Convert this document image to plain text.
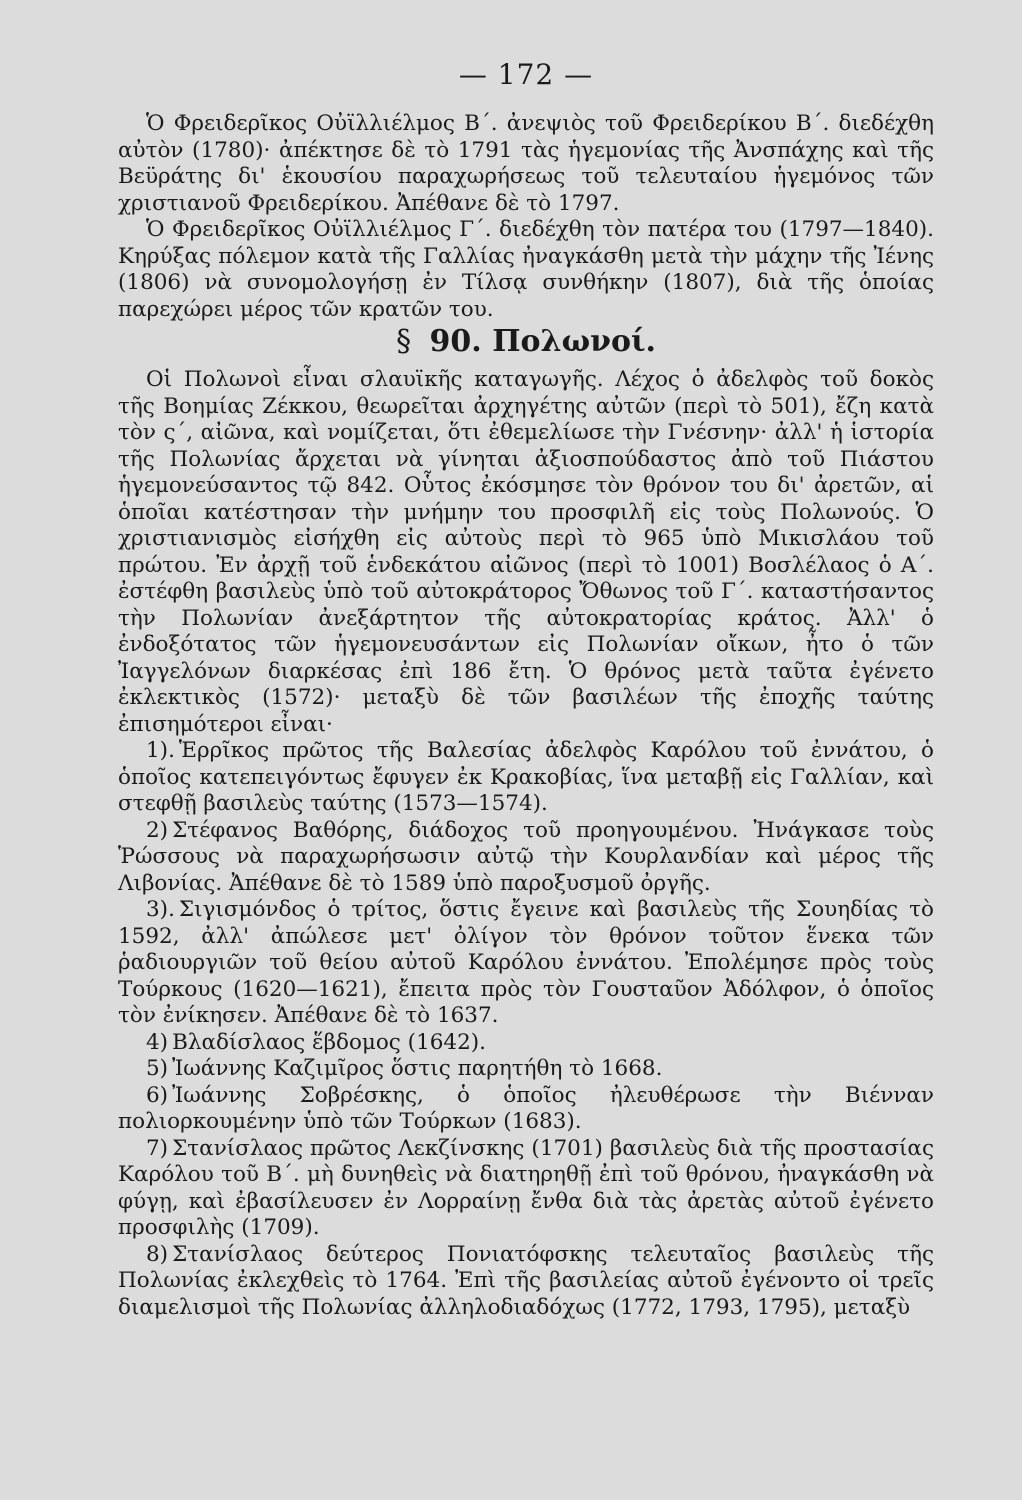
— 172 —

Ὁ Φρειδερῖκος Οὐϊλλιέλμος Β΄. ἀνεψιὸς τοῦ Φρειδερίκου Β΄. διεδέχθη αὐτὸν (1780)· ἀπέκτησε δὲ τὸ 1791 τὰς ἡγεμονίας τῆς Ἀνσπάχης καὶ τῆς Βεϋράτης δι' ἑκουσίου παραχωρήσεως τοῦ τελευταίου ἡγεμόνος τῶν χριστιανοῦ Φρειδερίκου. Ἀπέθανε δὲ τὸ 1797.

Ὁ Φρειδερῖκος Οὐϊλλιέλμος Γ΄. διεδέχθη τὸν πατέρα του (1797—1840). Κηρύξας πόλεμον κατὰ τῆς Γαλλίας ἠναγκάσθη μετὰ τὴν μάχην τῆς Ἰένης (1806) νὰ συνομολογήσῃ ἐν Τίλσᾳ συνθήκην (1807), διὰ τῆς ὁποίας παρεχώρει μέρος τῶν κρατῶν του.

§ 90. Πολωνοί.

Οἱ Πολωνοὶ εἶναι σλαυϊκῆς καταγωγῆς. Λέχος ὁ ἀδελφὸς τοῦ δοκὸς τῆς Βοημίας Ζέκκου, θεωρεῖται ἀρχηγέτης αὐτῶν (περὶ τὸ 501), ἔζη κατὰ τὸν ς΄, αἰῶνα, καὶ νομίζεται, ὅτι ἐθεμελίωσε τὴν Γνέσνην· ἀλλ' ἡ ἱστορία τῆς Πολωνίας ἄρχεται νὰ γίνηται ἀξιοσπούδαστος ἀπὸ τοῦ Πιάστου ἡγεμονεύσαντος τῷ 842. Οὗτος ἐκόσμησε τὸν θρόνον του δι' ἀρετῶν, αἱ ὁποῖαι κατέστησαν τὴν μνήμην του προσφιλῆ εἰς τοὺς Πολωνούς. Ὁ χριστιανισμὸς εἰσήχθη εἰς αὐτοὺς περὶ τὸ 965 ὑπὸ Μικισλάου τοῦ πρώτου. Ἐν ἀρχῇ τοῦ ἑνδεκάτου αἰῶνος (περὶ τὸ 1001) Βοσλέλαος ὁ Α΄. ἐστέφθη βασιλεὺς ὑπὸ τοῦ αὐτοκράτορος Ὄθωνος τοῦ Γ΄. καταστήσαντος τὴν Πολωνίαν ἀνεξάρτητον τῆς αὐτοκρατορίας κράτος. Ἀλλ' ὁ ἐνδοξότατος τῶν ἡγεμονευσάντων εἰς Πολωνίαν οἴκων, ἦτο ὁ τῶν Ἰαγγελόνων διαρκέσας ἐπὶ 186 ἔτη. Ὁ θρόνος μετὰ ταῦτα ἐγένετο ἐκλεκτικὸς (1572)· μεταξὺ δὲ τῶν βασιλέων τῆς ἐποχῆς ταύτης ἐπισημότεροι εἶναι·

1). Ἑρρῖκος πρῶτος τῆς Βαλεσίας ἀδελφὸς Καρόλου τοῦ ἐννάτου, ὁ ὁποῖος κατεπειγόντως ἔφυγεν ἐκ Κρακοβίας, ἵνα μεταβῇ εἰς Γαλλίαν, καὶ στεφθῇ βασιλεὺς ταύτης (1573—1574).

2) Στέφανος Βαθόρης, διάδοχος τοῦ προηγουμένου. Ἠνάγκασε τοὺς Ῥώσσους νὰ παραχωρήσωσιν αὐτῷ τὴν Κουρλανδίαν καὶ μέρος τῆς Λιβονίας. Ἀπέθανε δὲ τὸ 1589 ὑπὸ παροξυσμοῦ ὀργῆς.

3). Σιγισμόνδος ὁ τρίτος, ὅστις ἔγεινε καὶ βασιλεὺς τῆς Σουηδίας τὸ 1592, ἀλλ' ἀπώλεσε μετ' ὀλίγον τὸν θρόνον τοῦτον ἕνεκα τῶν ῥαδιουργιῶν τοῦ θείου αὐτοῦ Καρόλου ἐννάτου. Ἐπολέμησε πρὸς τοὺς Τούρκους (1620—1621), ἔπειτα πρὸς τὸν Γουσταῦον Ἀδόλφον, ὁ ὁποῖος τὸν ἐνίκησεν. Ἀπέθανε δὲ τὸ 1637.

4) Βλαδίσλαος ἕβδομος (1642).

5) Ἰωάννης Καζιμῖρος ὅστις παρητήθη τὸ 1668.

6) Ἰωάννης Σοβρέσκης, ὁ ὁποῖος ἠλευθέρωσε τὴν Βιένναν πολιορκουμένην ὑπὸ τῶν Τούρκων (1683).

7) Στανίσλαος πρῶτος Λεκζίνσκης (1701) βασιλεὺς διὰ τῆς προστασίας Καρόλου τοῦ Β΄. μὴ δυνηθεὶς νὰ διατηρηθῇ ἐπὶ τοῦ θρόνου, ἠναγκάσθη νὰ φύγῃ, καὶ ἐβασίλευσεν ἐν Λορραίνῃ ἔνθα διὰ τὰς ἀρετὰς αὐτοῦ ἐγένετο προσφιλὴς (1709).

8) Στανίσλαος δεύτερος Πονιατόφσκης τελευταῖος βασιλεὺς τῆς Πολωνίας ἐκλεχθεὶς τὸ 1764. Ἐπὶ τῆς βασιλείας αὐτοῦ ἐγένοντο οἱ τρεῖς διαμελισμοὶ τῆς Πολωνίας ἀλληλοδιαδόχως (1772, 1793, 1795), μεταξὺ
